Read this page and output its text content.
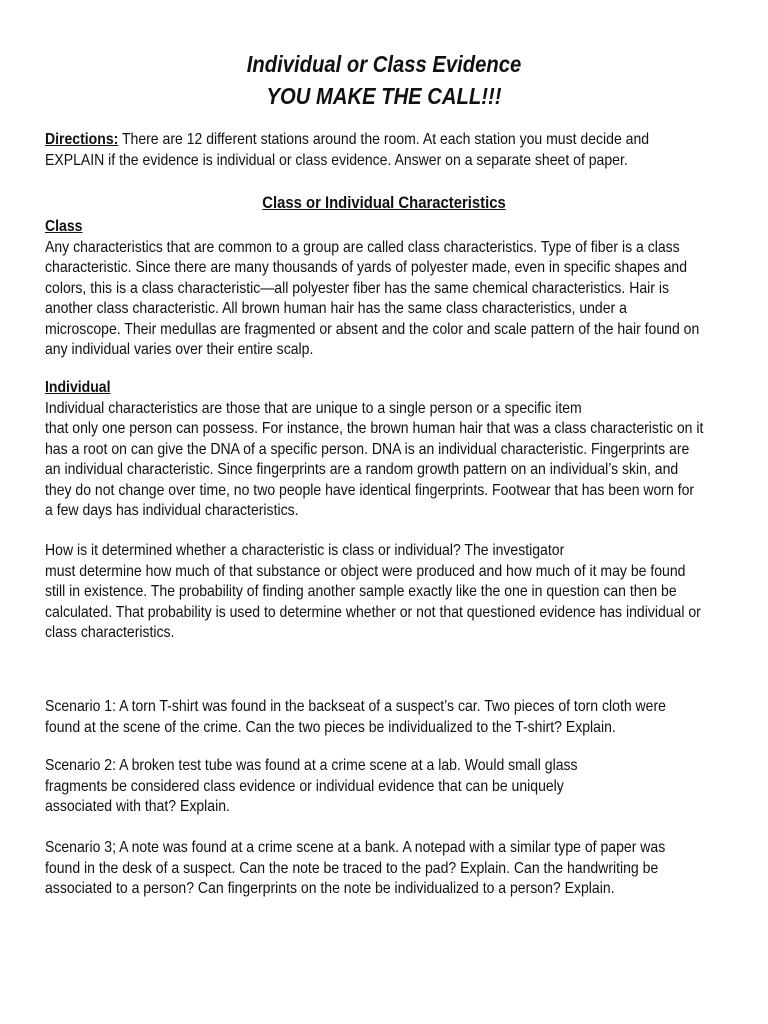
Individual or Class Evidence
YOU MAKE THE CALL!!!
Directions: There are 12 different stations around the room. At each station you must decide and
EXPLAIN if the evidence is individual or class evidence. Answer on a separate sheet of paper.
Class or Individual Characteristics
Class
Any characteristics that are common to a group are called class characteristics. Type of fiber is a class
characteristic. Since there are many thousands of yards of polyester made, even in specific shapes and
colors, this is a class characteristic—all polyester fiber has the same chemical characteristics. Hair is
another class characteristic. All brown human hair has the same class characteristics, under a
microscope. Their medullas are fragmented or absent and the color and scale pattern of the hair found on
any individual varies over their entire scalp.
Individual
Individual characteristics are those that are unique to a single person or a specific item
that only one person can possess. For instance, the brown human hair that was a class characteristic on it
has a root on can give the DNA of a specific person. DNA is an individual characteristic. Fingerprints are
an individual characteristic. Since fingerprints are a random growth pattern on an individual’s skin, and
they do not change over time, no two people have identical fingerprints. Footwear that has been worn for
a few days has individual characteristics.
How is it determined whether a characteristic is class or individual? The investigator
must determine how much of that substance or object were produced and how much of it may be found
still in existence. The probability of finding another sample exactly like the one in question can then be
calculated. That probability is used to determine whether or not that questioned evidence has individual or
class characteristics.
Scenario 1: A torn T-shirt was found in the backseat of a suspect’s car. Two pieces of torn cloth were
found at the scene of the crime. Can the two pieces be individualized to the T-shirt? Explain.
Scenario 2: A broken test tube was found at a crime scene at a lab. Would small glass
fragments be considered class evidence or individual evidence that can be uniquely
associated with that? Explain.
Scenario 3; A note was found at a crime scene at a bank. A notepad with a similar type of paper was
found in the desk of a suspect. Can the note be traced to the pad? Explain. Can the handwriting be
associated to a person? Can fingerprints on the note be individualized to a person? Explain.
